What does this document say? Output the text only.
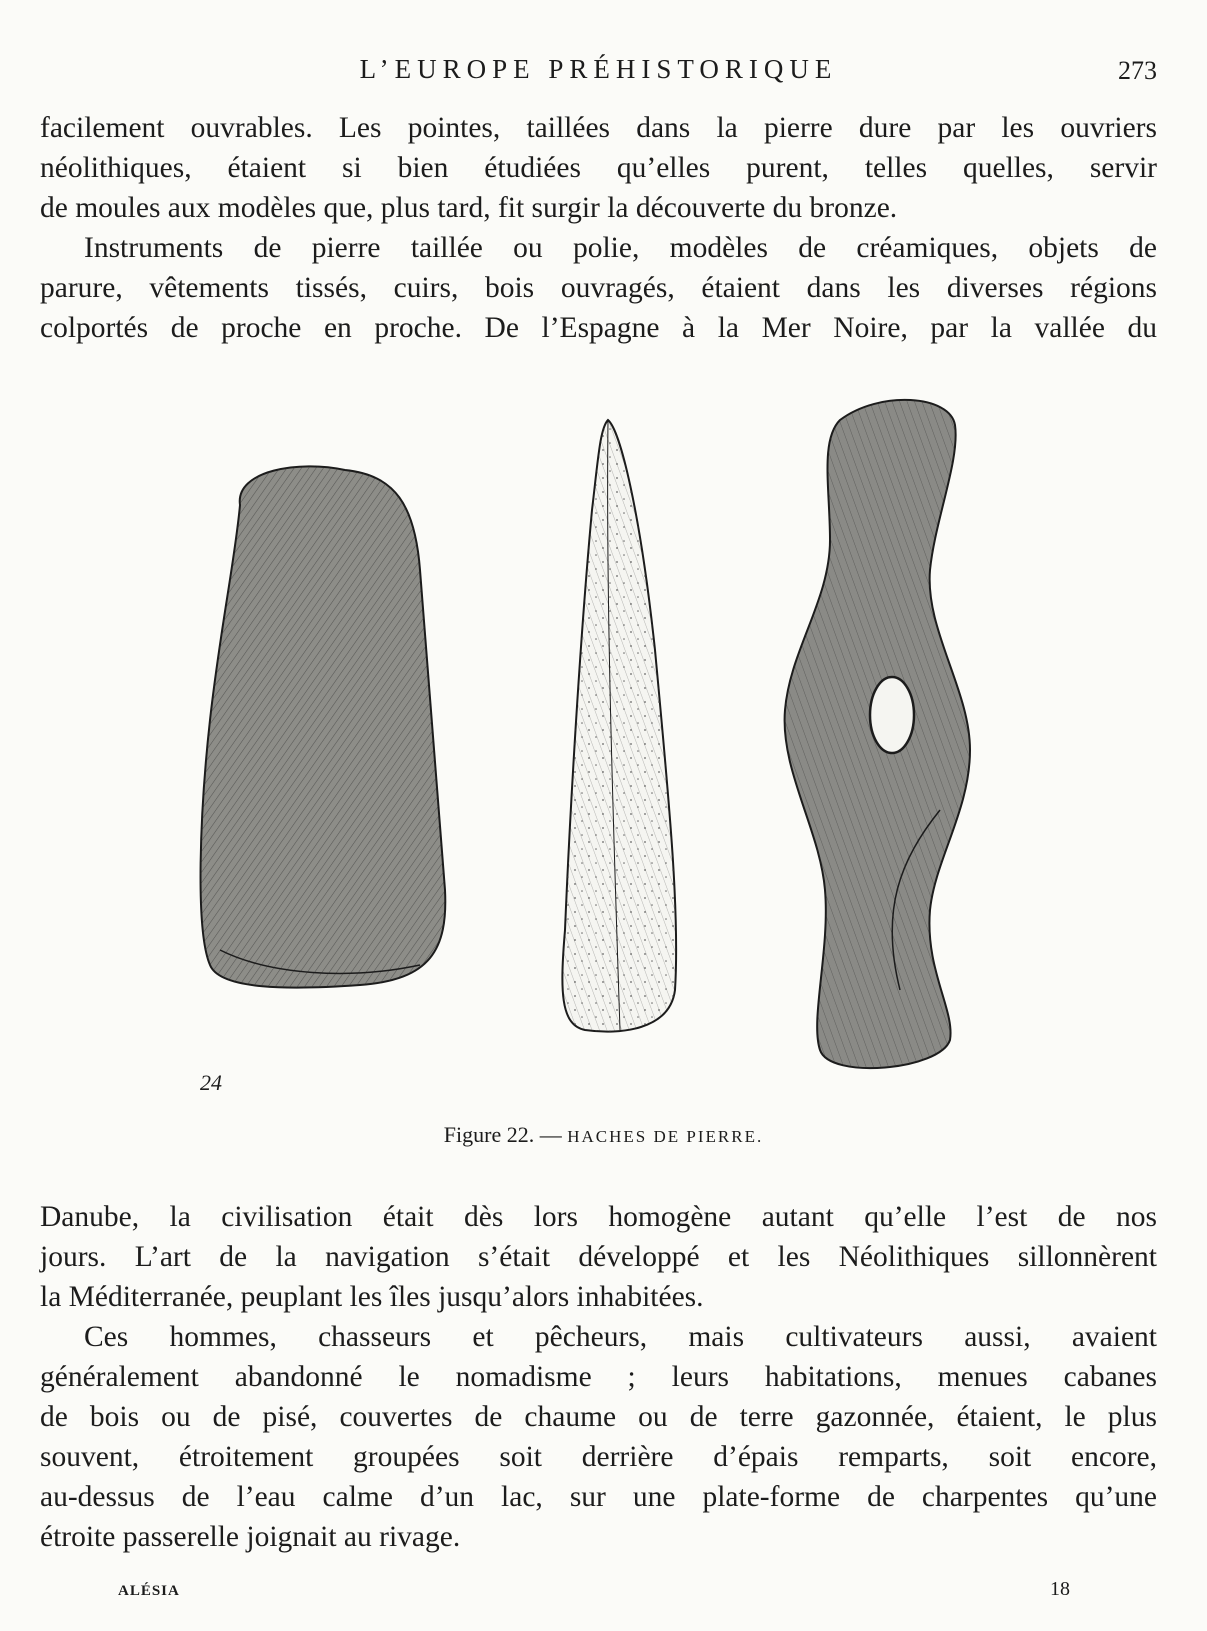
L’EUROPE PRÉHISTORIQUE	273

facilement ouvrables. Les pointes, taillées dans la pierre dure par les ouvriers
néolithiques, étaient si bien étudiées qu’elles purent, telles quelles, servir
de moules aux modèles que, plus tard, fit surgir la découverte du bronze.

Instruments de pierre taillée ou polie, modèles de créamiques, objets de
parure, vêtements tissés, cuirs, bois ouvragés, étaient dans les diverses régions
colportés de proche en proche. De l’Espagne à la Mer Noire, par la vallée du

24
Figure 22. — HACHES DE PIERRE.

Danube, la civilisation était dès lors homogène autant qu’elle l’est de nos
jours. L’art de la navigation s’était développé et les Néolithiques sillonnèrent
la Méditerranée, peuplant les îles jusqu’alors inhabitées.

Ces hommes, chasseurs et pêcheurs, mais cultivateurs aussi, avaient
généralement abandonné le nomadisme ; leurs habitations, menues cabanes
de bois ou de pisé, couvertes de chaume ou de terre gazonnée, étaient, le plus
souvent, étroitement groupées soit derrière d’épais remparts, soit encore,
au-dessus de l’eau calme d’un lac, sur une plate-forme de charpentes qu’une
étroite passerelle joignait au rivage.

ALÉSIA	18
